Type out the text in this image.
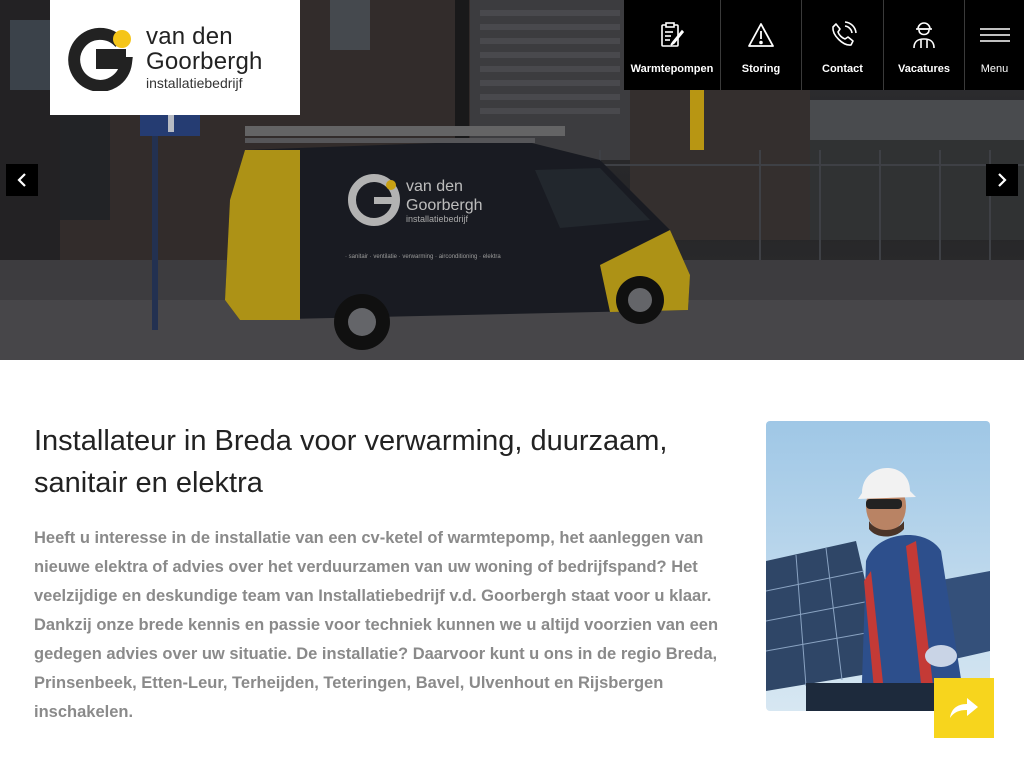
van den
Goorbergh
installatiebedrijf
· sanitair · ventilatie · verwarming · airconditioning · elektra
van den
Goorbergh
installatiebedrijf
Warmtepompen	Storing	Contact	Vacatures	Menu
Installateur in Breda voor verwarming, duurzaam, sanitair en elektra

Heeft u interesse in de installatie van een cv-ketel of warmtepomp, het aanleggen van nieuwe elektra of advies over het verduurzamen van uw woning of bedrijfspand? Het veelzijdige en deskundige team van Installatiebedrijf v.d. Goorbergh staat voor u klaar. Dankzij onze brede kennis en passie voor techniek kunnen we u altijd voorzien van een gedegen advies over uw situatie. De installatie? Daarvoor kunt u ons in de regio Breda, Prinsenbeek, Etten-Leur, Terheijden, Teteringen, Bavel, Ulvenhout en Rijsbergen inschakelen.
